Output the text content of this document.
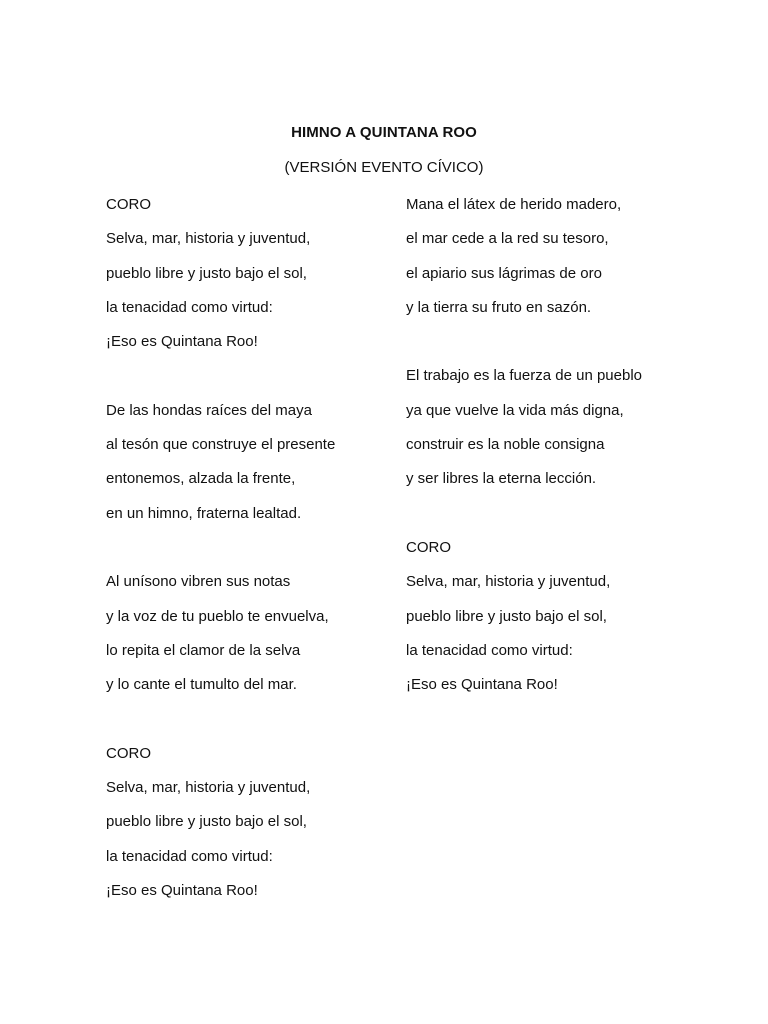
HIMNO A QUINTANA ROO
(VERSIÓN EVENTO CÍVICO)
CORO
Selva, mar, historia y juventud,
pueblo libre y justo bajo el sol,
la tenacidad como virtud:
¡Eso es Quintana Roo!
De las hondas raíces del maya
al tesón que construye el presente
entonemos, alzada la frente,
en un himno, fraterna lealtad.
Al unísono vibren sus notas
y la voz de tu pueblo te envuelva,
lo repita el clamor de la selva
y lo cante el tumulto del mar.
CORO
Selva, mar, historia y juventud,
pueblo libre y justo bajo el sol,
la tenacidad como virtud:
¡Eso es Quintana Roo!
Mana el látex de herido madero,
el mar cede a la red su tesoro,
el apiario sus lágrimas de oro
y la tierra su fruto en sazón.
El trabajo es la fuerza de un pueblo
ya que vuelve la vida más digna,
construir es la noble consigna
y ser libres la eterna lección.
CORO
Selva, mar, historia y juventud,
pueblo libre y justo bajo el sol,
la tenacidad como virtud:
¡Eso es Quintana Roo!
